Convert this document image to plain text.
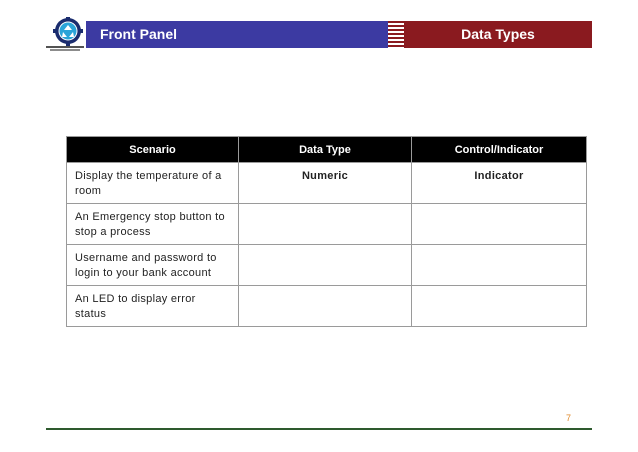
Front Panel	Data Types
Scenario	Data Type	Control/Indicator
Display the temperature of a room	Numeric	Indicator
An Emergency stop button to stop a process		
Username and password to login to your bank account		
An LED to display error status		
7
